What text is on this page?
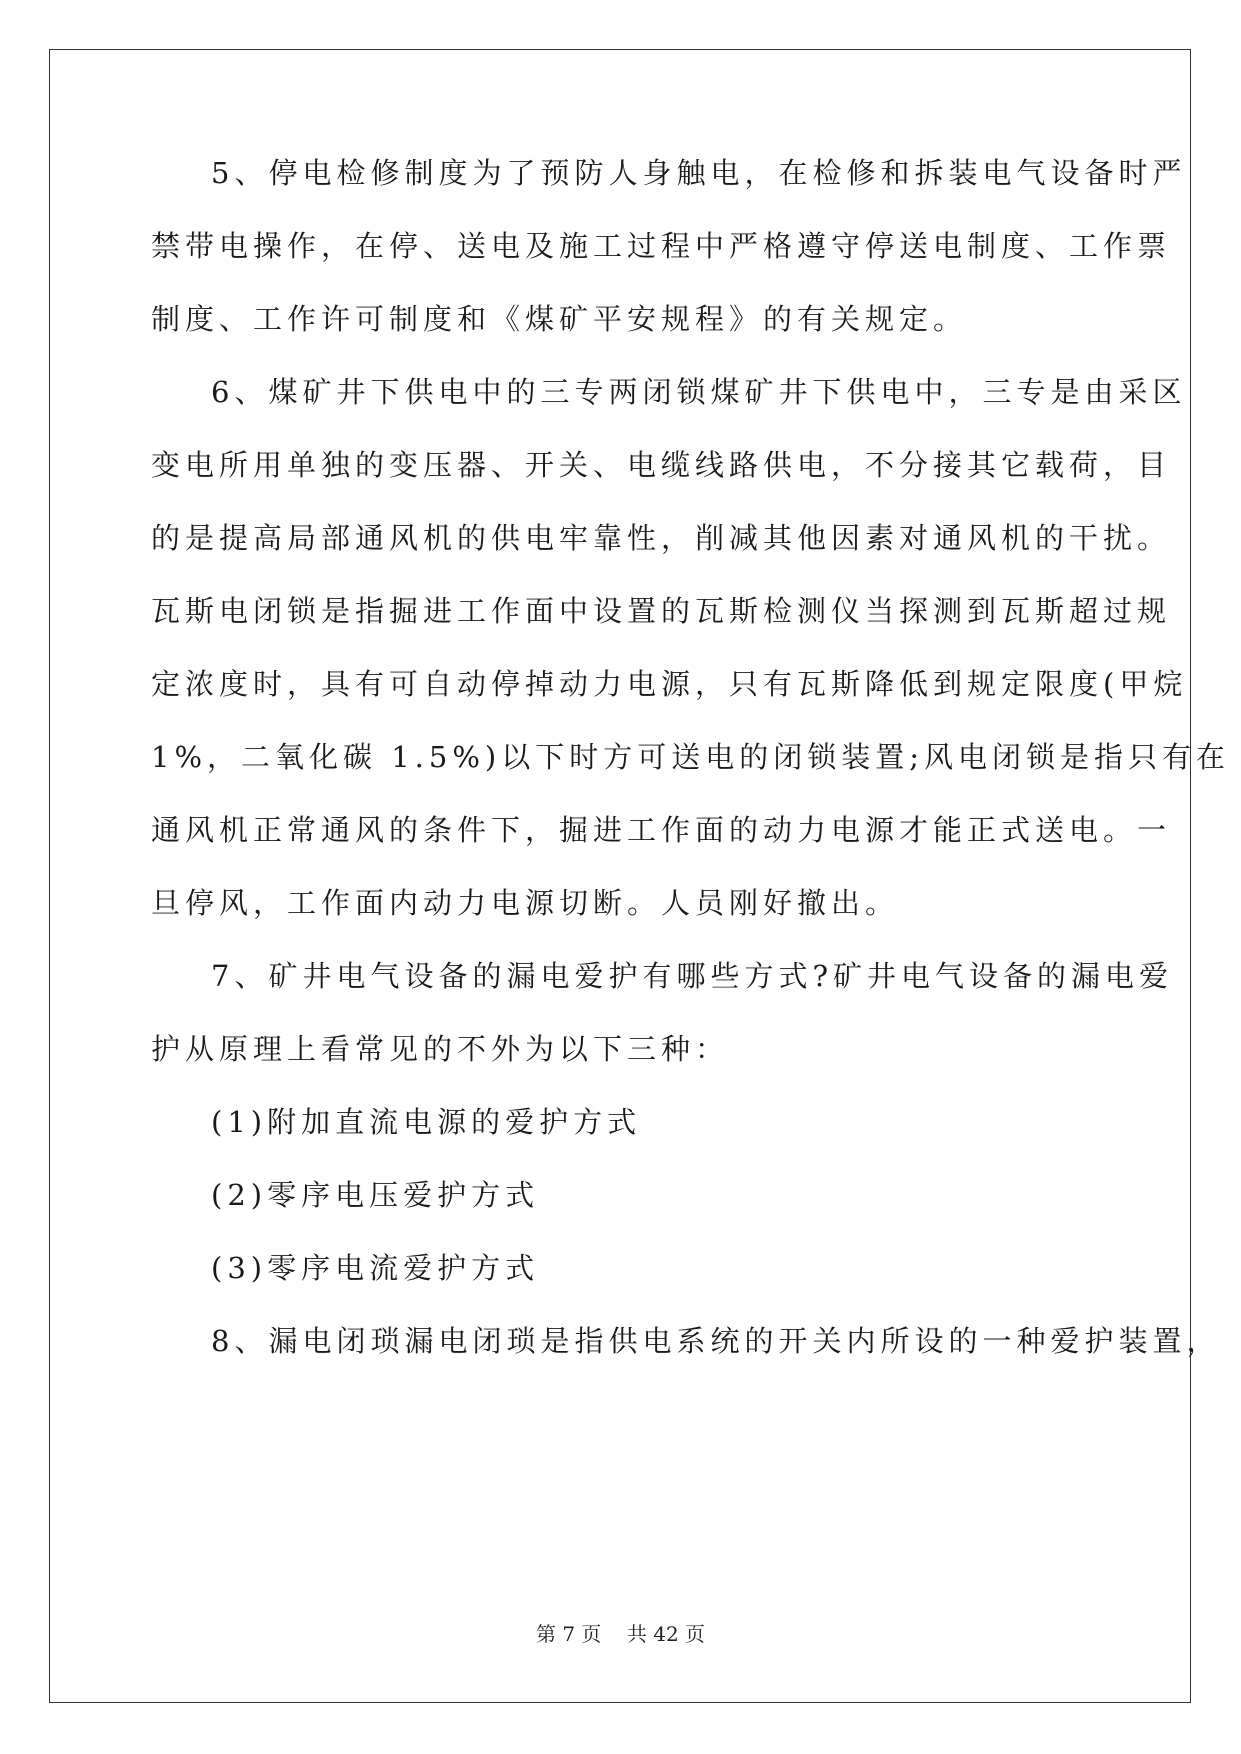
5、停电检修制度为了预防人身触电，在检修和拆装电气设备时严
禁带电操作，在停、送电及施工过程中严格遵守停送电制度、工作票
制度、工作许可制度和《煤矿平安规程》的有关规定。
6、煤矿井下供电中的三专两闭锁煤矿井下供电中，三专是由采区
变电所用单独的变压器、开关、电缆线路供电，不分接其它载荷，目
的是提高局部通风机的供电牢靠性，削减其他因素对通风机的干扰。
瓦斯电闭锁是指掘进工作面中设置的瓦斯检测仪当探测到瓦斯超过规
定浓度时，具有可自动停掉动力电源，只有瓦斯降低到规定限度(甲烷
1%，二氧化碳 1.5%)以下时方可送电的闭锁装置;风电闭锁是指只有在
通风机正常通风的条件下，掘进工作面的动力电源才能正式送电。一
旦停风，工作面内动力电源切断。人员刚好撤出。
7、矿井电气设备的漏电爱护有哪些方式?矿井电气设备的漏电爱
护从原理上看常见的不外为以下三种：
(1)附加直流电源的爱护方式
(2)零序电压爱护方式
(3)零序电流爱护方式
8、漏电闭琐漏电闭琐是指供电系统的开关内所设的一种爱护装置，
第 7 页 共 42 页
